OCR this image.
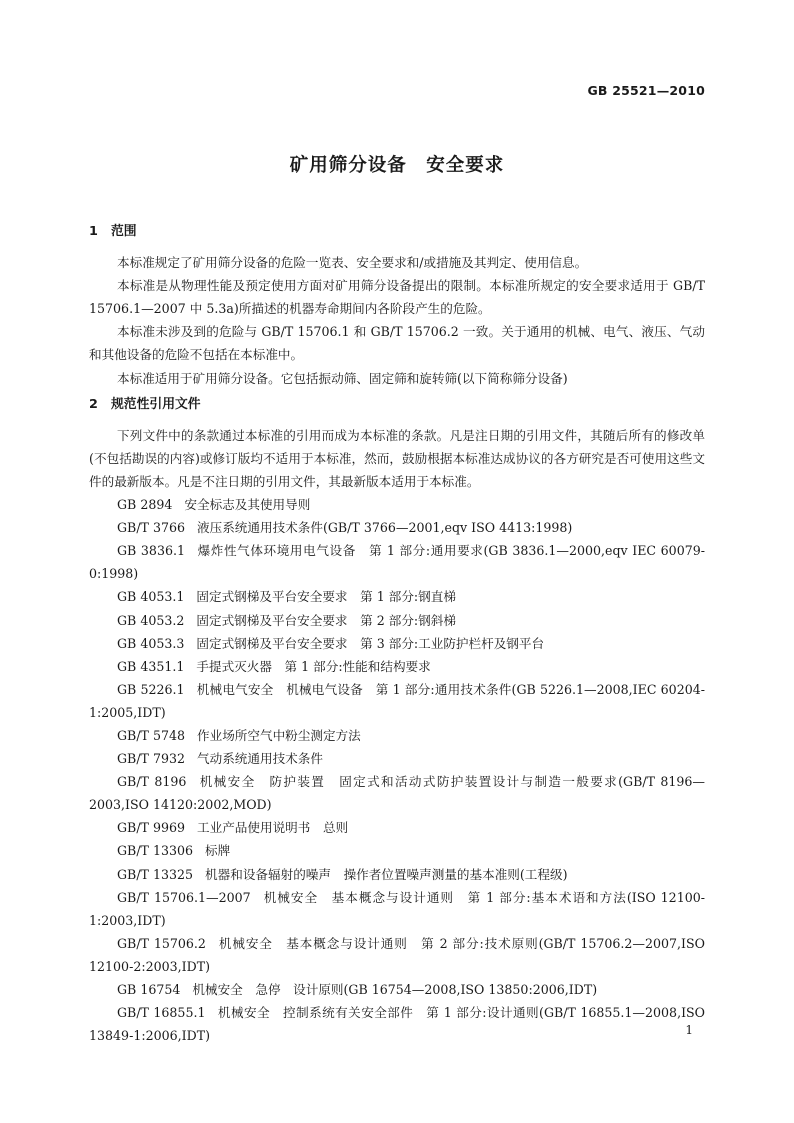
GB 25521—2010
矿用筛分设备　安全要求
1 范围

本标准规定了矿用筛分设备的危险一览表、安全要求和/或措施及其判定、使用信息。

本标准是从物理性能及预定使用方面对矿用筛分设备提出的限制。本标准所规定的安全要求适用于 GB/T 15706.1—2007 中 5.3a)所描述的机器寿命期间内各阶段产生的危险。

本标准未涉及到的危险与 GB/T 15706.1 和 GB/T 15706.2 一致。关于通用的机械、电气、液压、气动和其他设备的危险不包括在本标准中。

本标准适用于矿用筛分设备。它包括振动筛、固定筛和旋转筛(以下简称筛分设备)

2 规范性引用文件

下列文件中的条款通过本标准的引用而成为本标准的条款。凡是注日期的引用文件，其随后所有的修改单(不包括勘误的内容)或修订版均不适用于本标准，然而，鼓励根据本标准达成协议的各方研究是否可使用这些文件的最新版本。凡是不注日期的引用文件，其最新版本适用于本标准。

GB 2894 安全标志及其使用导则
GB/T 3766 液压系统通用技术条件(GB/T 3766—2001,eqv ISO 4413:1998)
GB 3836.1 爆炸性气体环境用电气设备　第 1 部分:通用要求(GB 3836.1—2000,eqv IEC 60079-0:1998)
GB 4053.1 固定式钢梯及平台安全要求　第 1 部分:钢直梯
GB 4053.2 固定式钢梯及平台安全要求　第 2 部分:钢斜梯
GB 4053.3 固定式钢梯及平台安全要求　第 3 部分:工业防护栏杆及钢平台
GB 4351.1 手提式灭火器　第 1 部分:性能和结构要求
GB 5226.1 机械电气安全　机械电气设备　第 1 部分:通用技术条件(GB 5226.1—2008,IEC 60204-1:2005,IDT)
GB/T 5748 作业场所空气中粉尘测定方法
GB/T 7932 气动系统通用技术条件
GB/T 8196 机械安全　防护装置　固定式和活动式防护装置设计与制造一般要求(GB/T 8196—2003,ISO 14120:2002,MOD)
GB/T 9969 工业产品使用说明书　总则
GB/T 13306 标牌
GB/T 13325 机器和设备辐射的噪声　操作者位置噪声测量的基本准则(工程级)
GB/T 15706.1—2007 机械安全　基本概念与设计通则　第 1 部分:基本术语和方法(ISO 12100-1:2003,IDT)
GB/T 15706.2 机械安全　基本概念与设计通则　第 2 部分:技术原则(GB/T 15706.2—2007,ISO 12100-2:2003,IDT)
GB 16754 机械安全　急停　设计原则(GB 16754—2008,ISO 13850:2006,IDT)
GB/T 16855.1 机械安全　控制系统有关安全部件　第 1 部分:设计通则(GB/T 16855.1—2008,ISO 13849-1:2006,IDT)	1
